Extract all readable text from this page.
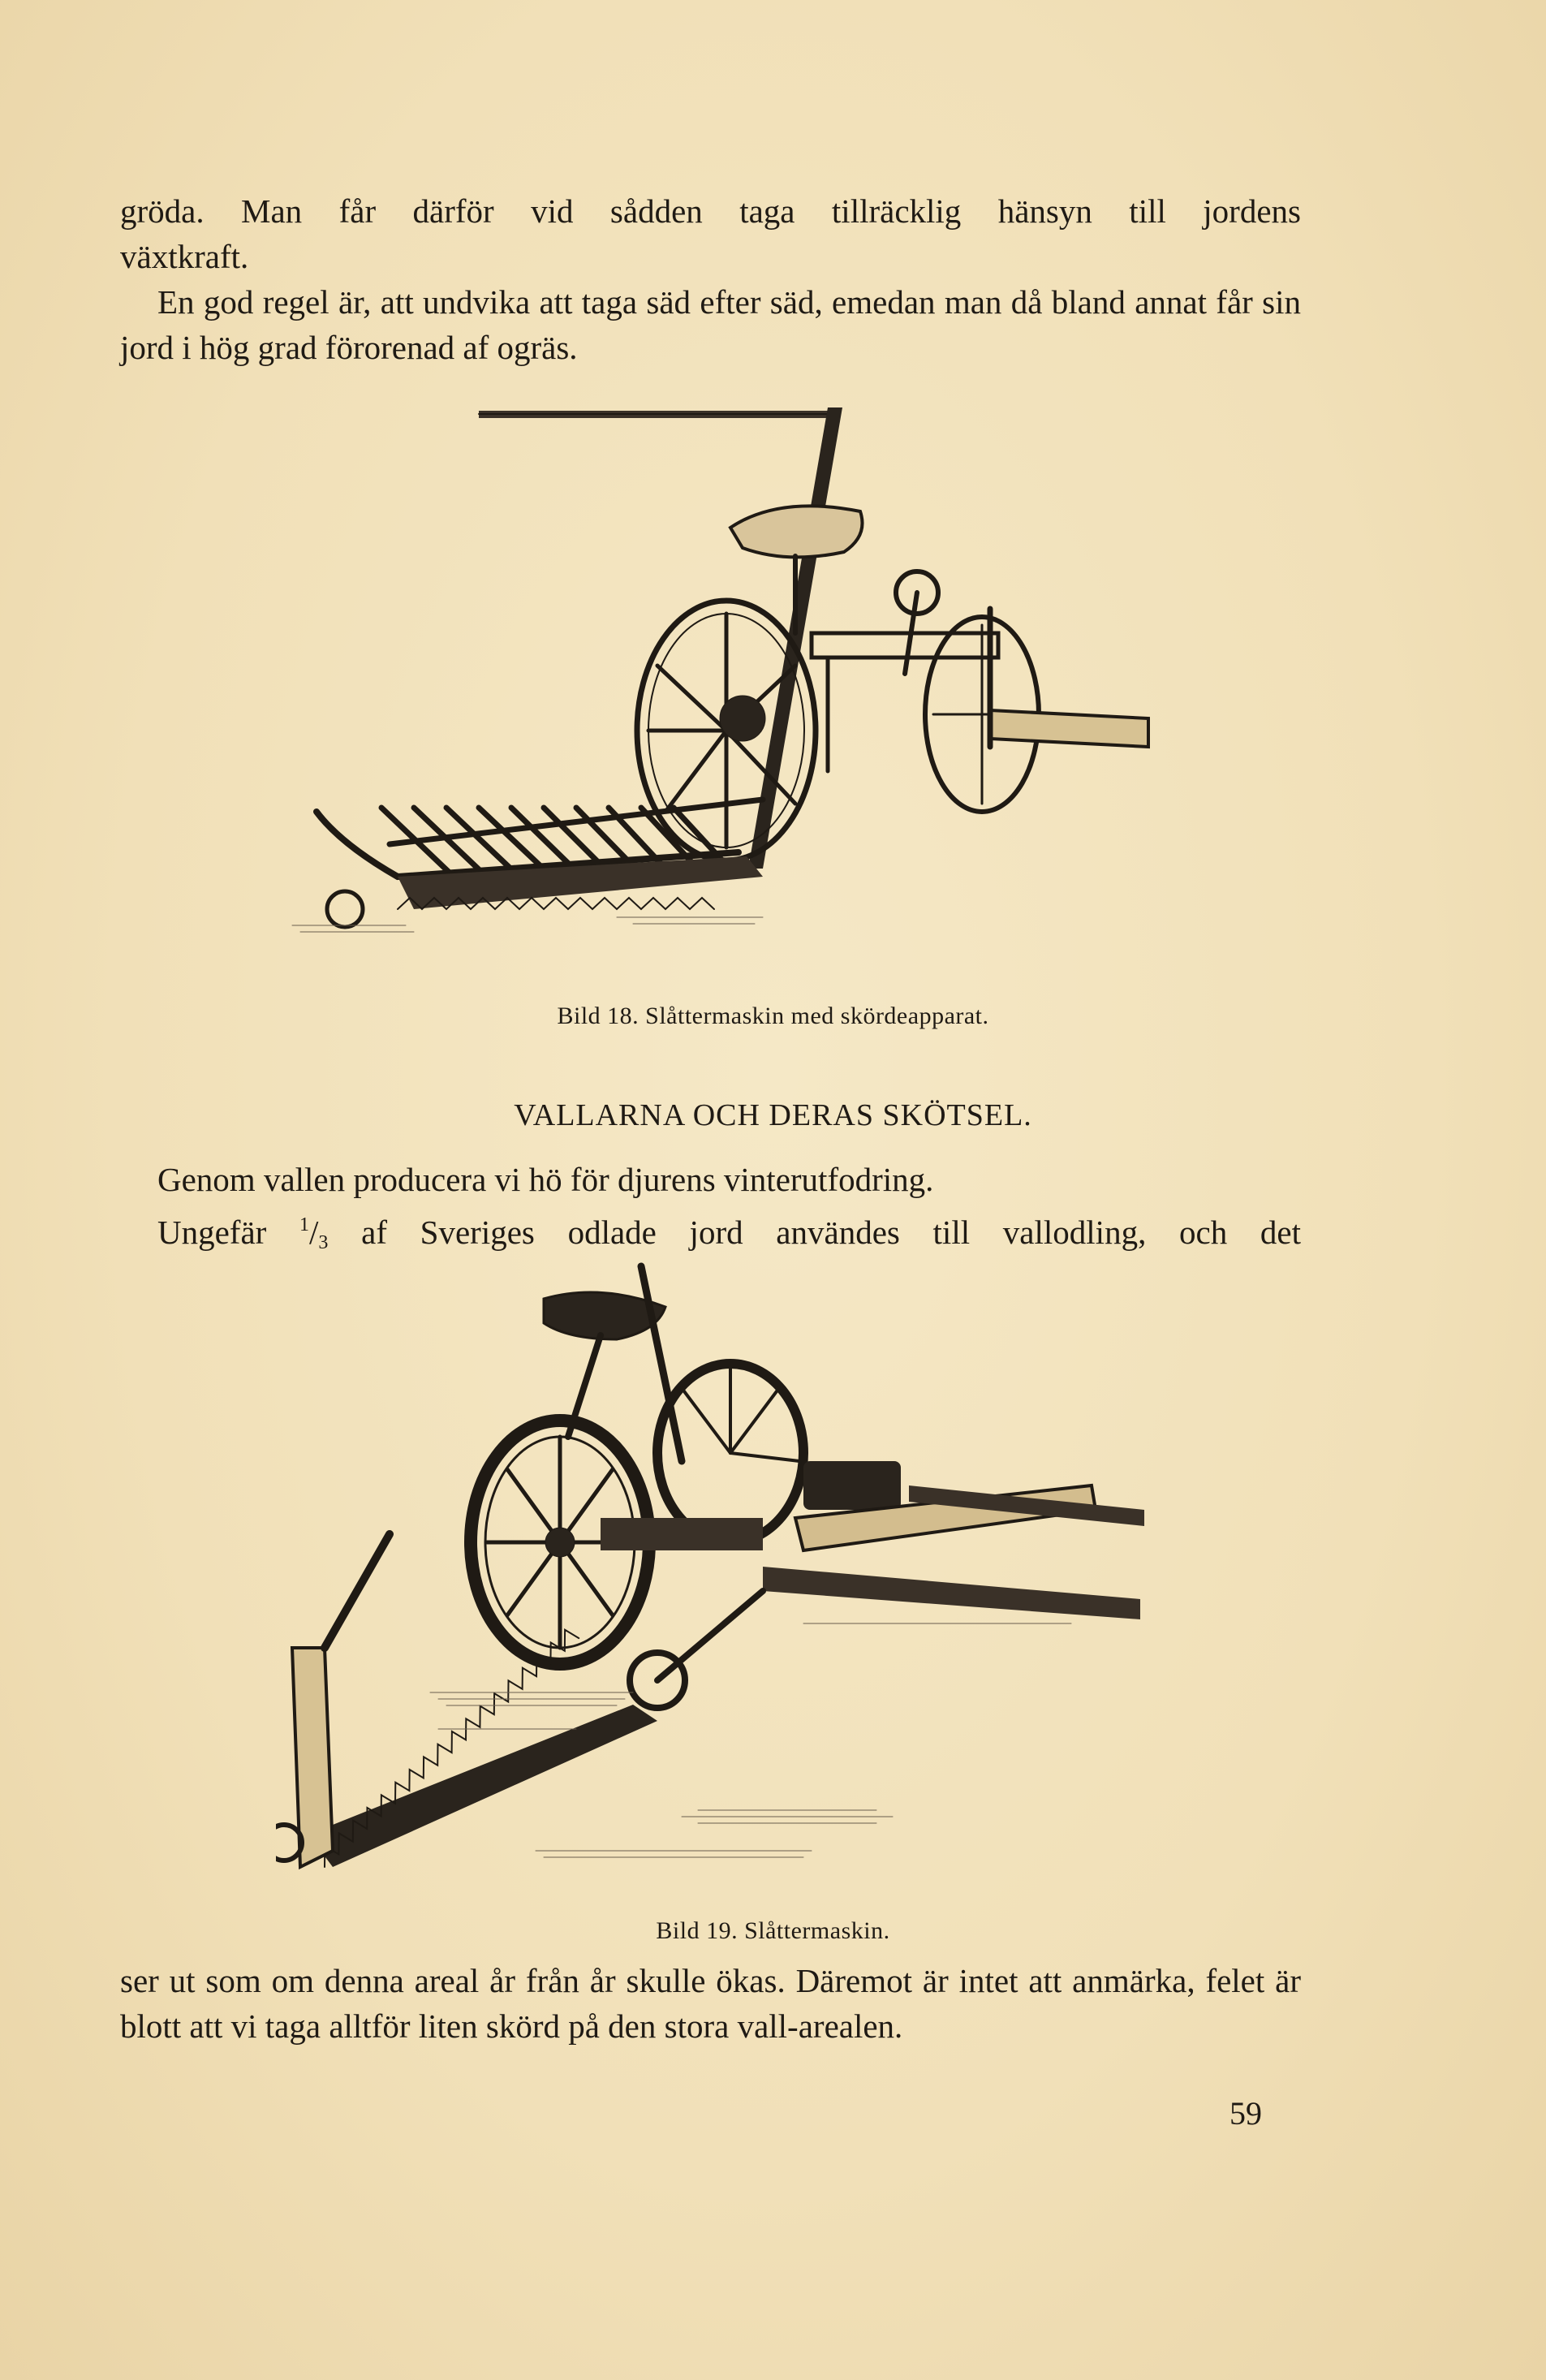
gröda. Man får därför vid sådden taga tillräcklig hänsyn till jordens

växtkraft.

En god regel är, att undvika att taga säd efter säd, emedan man då bland annat får sin jord i hög grad förorenad af ogräs.

Bild 18. Slåttermaskin med skördeapparat.
VALLARNA OCH DERAS SKÖTSEL.

Genom vallen producera vi hö för djurens vinterutfodring.

Ungefär $^1/_3$ af Sveriges odlade jord användes till vallodling, och det

Bild 19. Slåttermaskin.
ser ut som om denna areal år från år skulle ökas. Däremot är intet att anmärka, felet är blott att vi taga alltför liten skörd på den stora vall-arealen.
59
